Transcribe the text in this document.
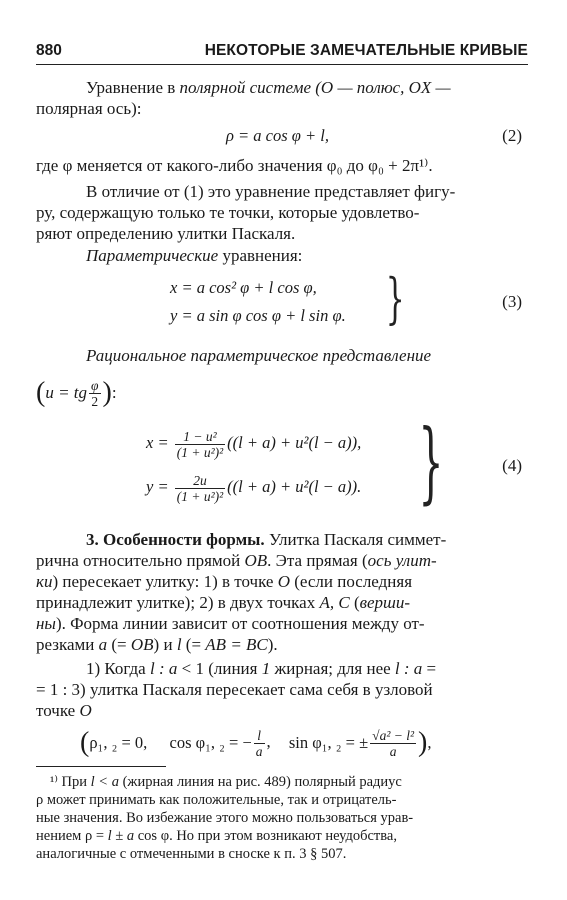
880	НЕКОТОРЫЕ ЗАМЕЧАТЕЛЬНЫЕ КРИВЫЕ
Уравнение в полярной системе (O — полюс, OX —
полярная ось):
ρ = a cos φ + l,	(2)
где φ меняется от какого-либо значения φ₀ до φ₀ + 2π¹⁾.
В отличие от (1) это уравнение представляет фигу-
ру, содержащую только те точки, которые удовлетво-
ряют определению улитки Паскаля.
Параметрические уравнения:
x = a cos² φ + l cos φ,
y = a sin φ cos φ + l sin φ. }	(3)
Рациональное параметрическое представление
(u = tg $\frac{\varphi}{2}$ ):
$x = \frac{\text{1 − u²}}{\text{(1 + u²)²}} ((l + a) + u^2(l - a))$,
$y = \frac{2u}{\text{(1 + u²)²}} ((l + a) + u^2(l - a))$. }	(4)
3. Особенности формы. Улитка Паскаля симмет-
рична относительно прямой OB. Эта прямая (ось улит-
ки) пересекает улитку: 1) в точке O (если последняя
принадлежит улитке); 2) в двух точках A, C (верши-
ны). Форма линии зависит от соотношения между от-
резками a (= OB) и l (= AB = BC).
1) Когда l : a < 1 (линия 1 жирная; для нее l : a =
= 1 : 3) улитка Паскаля пересекает сама себя в узловой
точке O
(ρ₁, ₂ = 0, cos φ₁, ₂ = − $\frac{l}{a}$ ,  sin φ₁, ₂ = ± $\frac{\text{√a² − l²}}{a}$ ),
¹⁾ При l < a (жирная линия на рис. 489) полярный радиус
ρ может принимать как положительные, так и отрицатель-
ные значения. Во избежание этого можно пользоваться урав-
нением ρ = l ± a cos φ. Но при этом возникают неудобства,
аналогичные с отмеченными в сноске к п. 3 § 507.
